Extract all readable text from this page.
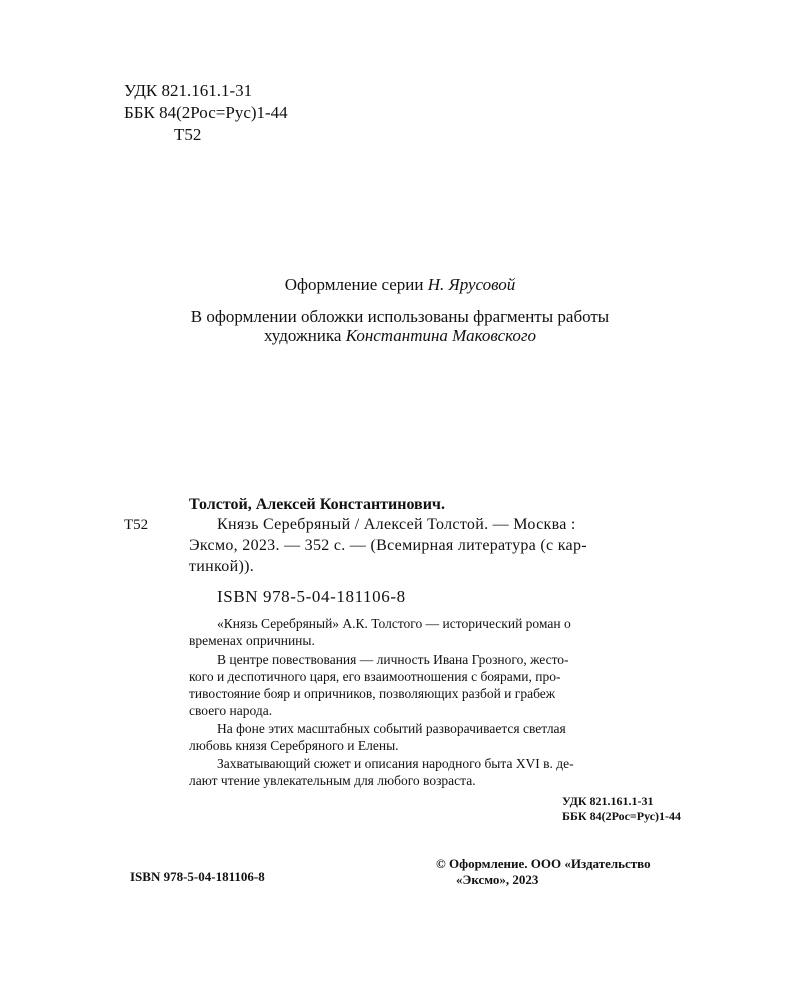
УДК 821.161.1-31
ББК 84(2Рос=Рус)1-44
Т52
Оформление серии Н. Ярусовой
В оформлении обложки использованы фрагменты работы
художника Константина Маковского
Толстой, Алексей Константинович.
Т52	Князь Серебряный / Алексей Толстой. — Москва :
Эксмо, 2023. — 352 с. — (Всемирная литература (с кар-
тинкой)).
ISBN 978-5-04-181106-8
«Князь Серебряный» А.К. Толстого — исторический роман о
временах опричнины.
В центре повествования — личность Ивана Грозного, жесто-
кого и деспотичного царя, его взаимоотношения с боярами, про-
тивостояние бояр и опричников, позволяющих разбой и грабеж
своего народа.
На фоне этих масштабных событий разворачивается светлая
любовь князя Серебряного и Елены.
Захватывающий сюжет и описания народного быта XVI в. де-
лают чтение увлекательным для любого возраста.
УДК 821.161.1-31
ББК 84(2Рос=Рус)1-44
ISBN 978-5-04-181106-8
© Оформление. ООО «Издательство
«Эксмо», 2023
